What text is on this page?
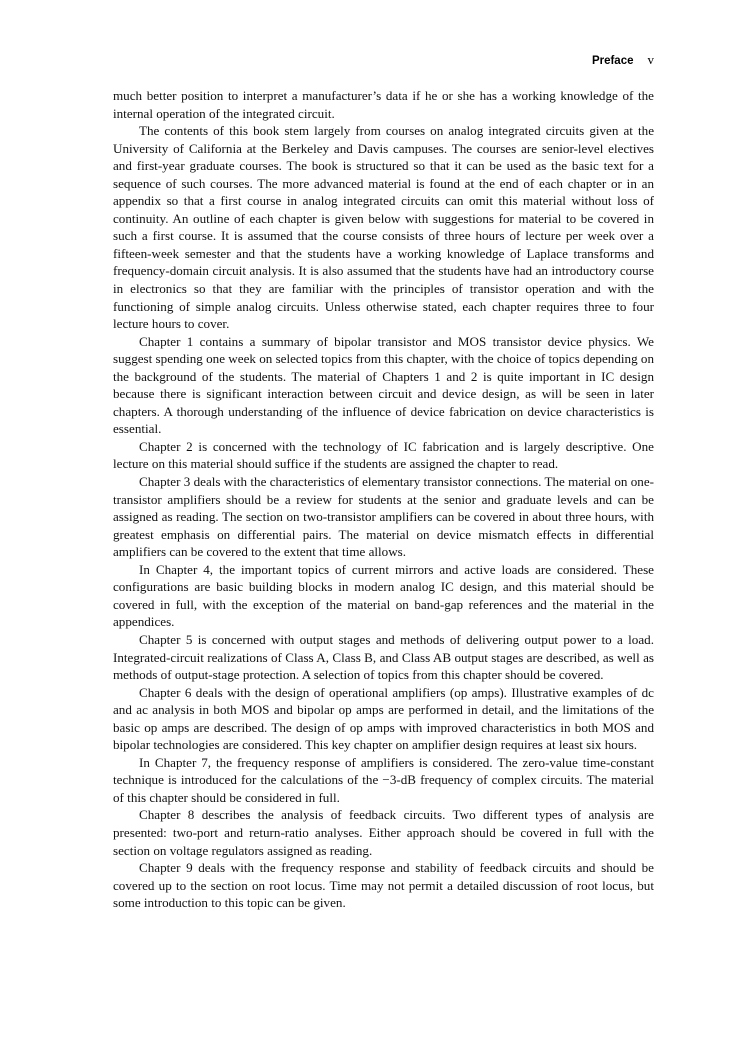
Preface v

much better position to interpret a manufacturer’s data if he or she has a working knowledge of the internal operation of the integrated circuit.

The contents of this book stem largely from courses on analog integrated circuits given at the University of California at the Berkeley and Davis campuses. The courses are senior-level electives and first-year graduate courses. The book is structured so that it can be used as the basic text for a sequence of such courses. The more advanced material is found at the end of each chapter or in an appendix so that a first course in analog integrated circuits can omit this material without loss of continuity. An outline of each chapter is given below with suggestions for material to be covered in such a first course. It is assumed that the course consists of three hours of lecture per week over a fifteen-week semester and that the students have a working knowledge of Laplace transforms and frequency-domain circuit analysis. It is also assumed that the students have had an introductory course in electronics so that they are familiar with the principles of transistor operation and with the functioning of simple analog circuits. Unless otherwise stated, each chapter requires three to four lecture hours to cover.

Chapter 1 contains a summary of bipolar transistor and MOS transistor device physics. We suggest spending one week on selected topics from this chapter, with the choice of topics depending on the background of the students. The material of Chapters 1 and 2 is quite important in IC design because there is significant interaction between circuit and device design, as will be seen in later chapters. A thorough understanding of the influence of device fabrication on device characteristics is essential.

Chapter 2 is concerned with the technology of IC fabrication and is largely descriptive. One lecture on this material should suffice if the students are assigned the chapter to read.

Chapter 3 deals with the characteristics of elementary transistor connections. The material on one-transistor amplifiers should be a review for students at the senior and graduate levels and can be assigned as reading. The section on two-transistor amplifiers can be covered in about three hours, with greatest emphasis on differential pairs. The material on device mismatch effects in differential amplifiers can be covered to the extent that time allows.

In Chapter 4, the important topics of current mirrors and active loads are considered. These configurations are basic building blocks in modern analog IC design, and this material should be covered in full, with the exception of the material on band-gap references and the material in the appendices.

Chapter 5 is concerned with output stages and methods of delivering output power to a load. Integrated-circuit realizations of Class A, Class B, and Class AB output stages are described, as well as methods of output-stage protection. A selection of topics from this chapter should be covered.

Chapter 6 deals with the design of operational amplifiers (op amps). Illustrative examples of dc and ac analysis in both MOS and bipolar op amps are performed in detail, and the limitations of the basic op amps are described. The design of op amps with improved characteristics in both MOS and bipolar technologies are considered. This key chapter on amplifier design requires at least six hours.

In Chapter 7, the frequency response of amplifiers is considered. The zero-value time-constant technique is introduced for the calculations of the −3-dB frequency of complex circuits. The material of this chapter should be considered in full.

Chapter 8 describes the analysis of feedback circuits. Two different types of analysis are presented: two-port and return-ratio analyses. Either approach should be covered in full with the section on voltage regulators assigned as reading.

Chapter 9 deals with the frequency response and stability of feedback circuits and should be covered up to the section on root locus. Time may not permit a detailed discussion of root locus, but some introduction to this topic can be given.
